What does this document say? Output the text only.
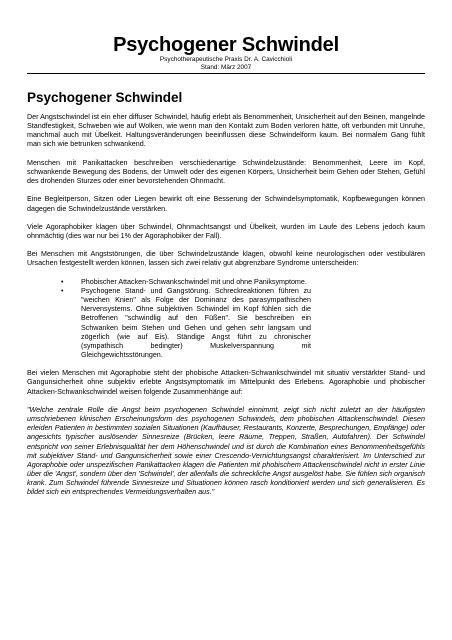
Psychogener Schwindel
Psychotherapeutische Praxis Dr. A. Cavicchioli
Stand: März 2007
Psychogener Schwindel

Der Angstschwindel ist ein eher diffuser Schwindel, häufig erlebt als Benommenheit, Unsicherheit auf den Beinen, mangelnde Standfestigkeit, Schweben wie auf Wolken, wie wenn man den Kontakt zum Boden verloren hätte, oft verbunden mit Unruhe, manchmal auch mit Übelkeit. Haltungsveränderungen beeinflussen diese Schwindelform kaum. Bei normalem Gang fühlt man sich wie betrunken schwankend.

Menschen mit Panikattacken beschreiben verschiedenartige Schwindelzustände: Benommenheit, Leere im Kopf, schwankende Bewegung des Bodens, der Umwelt oder des eigenen Körpers, Unsicherheit beim Gehen oder Stehen, Gefühl des drohenden Sturzes oder einer bevorstehenden Ohnmacht.

Eine Begleitperson, Sitzen oder Liegen bewirkt oft eine Besserung der Schwindelsymptomatik, Kopfbewegungen können dagegen die Schwindelzustände verstärken.

Viele Agoraphobiker klagen über Schwindel, Ohnmachtsangst und Übelkeit, wurden im Laufe des Lebens jedoch kaum ohnmächtig (dies war nur bei 1% der Agoraphobiker der Fall).

Bei Menschen mit Angststörungen, die über Schwindelzustände klagen, obwohl keine neurologischen oder vestibulären Ursachen festgestellt werden können, lassen sich zwei relativ gut abgrenzbare Syndrome unterscheiden:

• Phobischer Attacken-Schwankschwindel mit und ohne Paniksymptome.
• Psychogene Stand- und Gangstörung. Schreckreaktionen führen zu "weichen Knien" als Folge der Dominanz des parasympathischen Nervensystems. Ohne subjektiven Schwindel im Kopf fühlen sich die Betroffenen "schwindlig auf den Füßen". Sie beschreiben ein Schwanken beim Stehen und Gehen und gehen sehr langsam und zögerlich (wie auf Eis). Ständige Angst führt zu chronischer (sympathisch bedingter) Muskelverspannung mit Gleichgewichtsstörungen.

Bei vielen Menschen mit Agoraphobie steht der phobische Attacken-Schwankschwindel mit situativ verstärkter Stand- und Gangunsicherheit ohne subjektiv erlebte Angstsymptomatik im Mittelpunkt des Erlebens. Agoraphobie und phobischer Attacken-Schwankschwindel weisen folgende Zusammenhänge auf:

"Welche zentrale Rolle die Angst beim psychogenen Schwindel einnimmt, zeigt sich nicht zuletzt an der häufigsten umschriebenen klinischen Erscheinungsform des psychogenen Schwindels, dem phobischen Attackenschwindel. Diesen erleiden Patienten in bestimmten sozialen Situationen (Kaufhäuser, Restaurants, Konzerte, Besprechungen, Empfänge) oder angesichts typischer auslösender Sinnesreize (Brücken, leere Räume, Treppen, Straßen, Autofahren). Der Schwindel entspricht von seiner Erlebnisqualität her dem Höhenschwindel und ist durch die Kombination eines Benommenheitsgefühls mit subjektiver Stand- und Gangunsicherheit sowie einer Crescendo-Vernichtungsangst charakterisiert. Im Unterschied zur Agoraphobie oder unspezifischen Panikattacken klagen die Patienten mit phobischem Attackenschwindel nicht in erster Linie über die 'Angst', sondern über den 'Schwindel', der allenfalls die schreckliche Angst ausgelöst habe. Sie fühlen sich organisch krank. Zum Schwindel führende Sinnesreize und Situationen können rasch konditioniert werden und sich generalisieren. Es bildet sich ein entsprechendes Vermeidungsverhalten aus."
